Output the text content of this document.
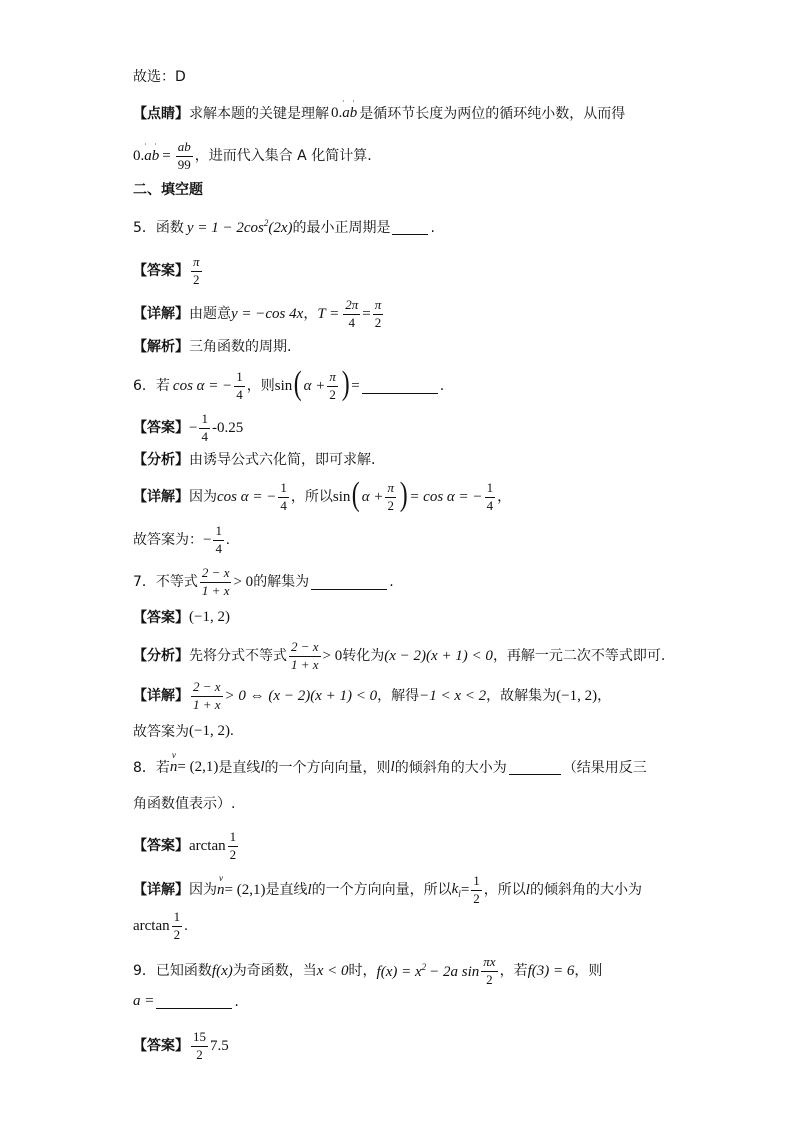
故选：D
【点睛】 求解本题的关键是理解 0.
· ·
ab 是循环节长度为两位的循环纯小数，从而得
0.
· ·
ab = $\frac{ab}{99}$ ，进而代入集合 A 化简计算.
二、填空题
5．函数 $y = 1 - 2\cos^2(2x)$ 的最小正周期是	.
【答案】 $\frac{\pi}{2}$
【详解】 由题意 y = −cos 4x ， $T = \frac{2\pi}{4} = \frac{\pi}{2}$
【解析】 三角函数的周期.
6．若 cos α = − $\frac{1}{4}$ ，则 sin ( $\alpha + \frac{\pi}{2}$ ) =	.
【答案】 − $\frac{1}{4} -0.25$
【分析】 由诱导公式六化简，即可求解.
【详解】 因为 cos α = − $\frac{1}{4}$ ，所以 sin ( $\alpha + \frac{\pi}{2}$ ) = cos α = − $\frac{1}{4}$ ，
故答案为： − $\frac{1}{4}$ .
7．不等式 $\frac{2 - x}{1 + x} > 0$ 的解集为	.
【答案】 (−1, 2)
【分析】 先将分式不等式 $\frac{2 - x}{1 + x} > 0$ 转化为 (x − 2)(x + 1) < 0 ，再解一元二次不等式即可.
【详解】 $\frac{2 - x}{1 + x} > 0$ ⇔ (x − 2)(x + 1) < 0 ，解得 −1 < x < 2 ，故解集为 (−1, 2) ，
故答案为 (−1, 2) .
8．若
v
n = (2,1) 是直线 l 的一个方向向量，则 l 的倾斜角的大小为	（结果用反三
角函数值表示）.
【答案】 $\arctan \frac{1}{2}$
【详解】 因为
v
n = (2,1) 是直线 l 的一个方向向量，所以 $k_l = \frac{1}{2}$ ，所以 l 的倾斜角的大小为
$\arctan \frac{1}{2}$ .
9．已知函数 f(x) 为奇函数，当 x < 0 时， $f(x) = x^2 - 2a$ $\sin \frac{\pi x}{2}$ ，若 f(3) = 6 ，则
a =	.
【答案】 $\frac{15}{2} 7.5$
